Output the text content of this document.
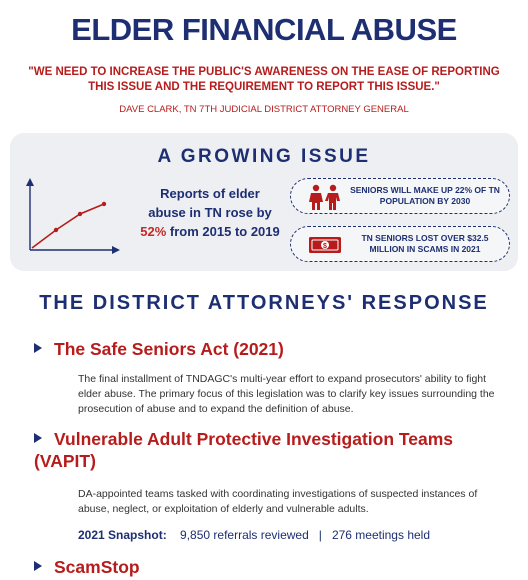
ELDER FINANCIAL ABUSE
"WE NEED TO INCREASE THE PUBLIC'S AWARENESS ON THE EASE OF REPORTING THIS ISSUE AND THE REQUIREMENT TO REPORT THIS ISSUE."
DAVE CLARK, TN 7TH JUDICIAL DISTRICT ATTORNEY GENERAL
A GROWING ISSUE
Reports of elder abuse in TN rose by 52% from 2015 to 2019
SENIORS WILL MAKE UP 22% OF TN POPULATION BY 2030
$
TN SENIORS LOST OVER $32.5 MILLION IN SCAMS IN 2021
THE DISTRICT ATTORNEYS' RESPONSE
The Safe Seniors Act (2021)
The final installment of TNDAGC's multi-year effort to expand prosecutors' ability to fight elder abuse. The primary focus of this legislation was to clarify key issues surrounding the prosecution of abuse and to expand the definition of abuse.
Vulnerable Adult Protective Investigation Teams (VAPIT)
DA-appointed teams tasked with coordinating investigations of suspected instances of abuse, neglect, or exploitation of elderly and vulnerable adults.
2021 Snapshot: 9,850 referrals reviewed | 276 meetings held
ScamStop
